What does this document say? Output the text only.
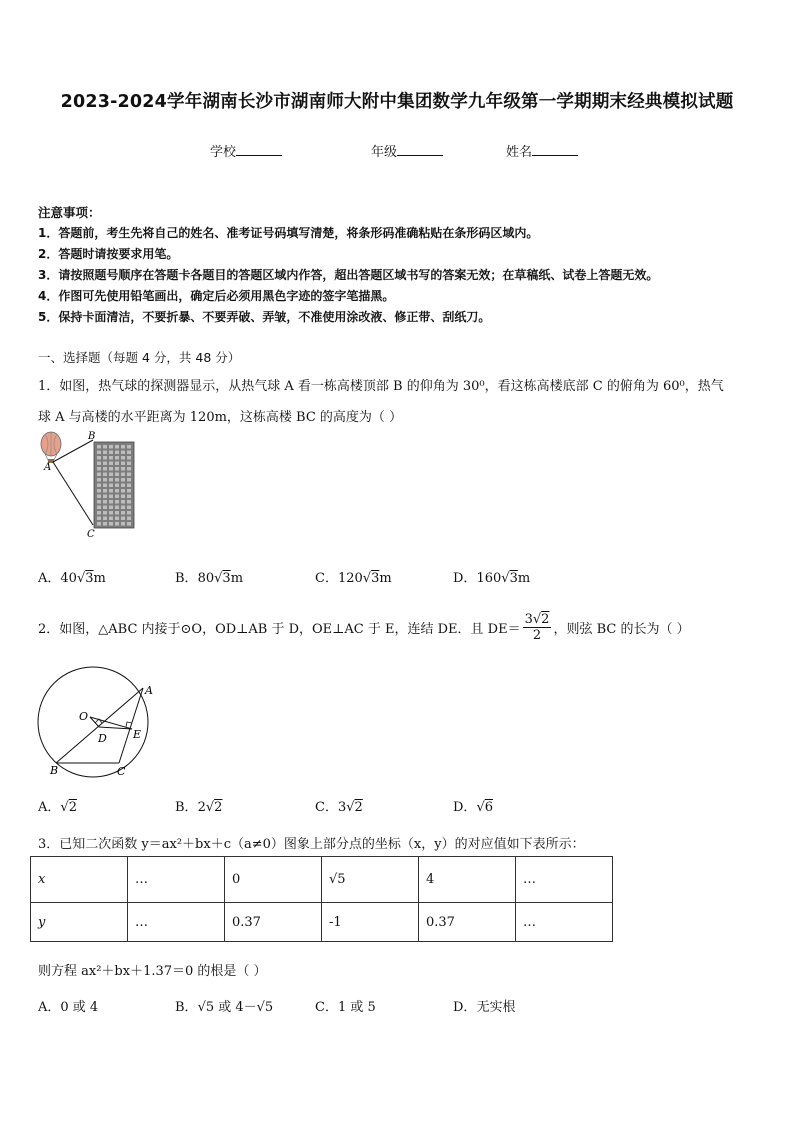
2023-2024学年湖南长沙市湖南师大附中集团数学九年级第一学期期末经典模拟试题
学校	年级	姓名
注意事项：
1．答题前，考生先将自己的姓名、准考证号码填写清楚，将条形码准确粘贴在条形码区域内。
2．答题时请按要求用笔。
3．请按照题号顺序在答题卡各题目的答题区域内作答，超出答题区域书写的答案无效；在草稿纸、试卷上答题无效。
4．作图可先使用铅笔画出，确定后必须用黑色字迹的签字笔描黑。
5．保持卡面清洁，不要折暴、不要弄破、弄皱，不准使用涂改液、修正带、刮纸刀。
一、选择题（每题 4 分，共 48 分）
1．如图，热气球的探测器显示，从热气球 A 看一栋高楼顶部 B 的仰角为 30⁰，看这栋高楼底部 C 的俯角为 60⁰，热气
球 A 与高楼的水平距离为 120m，这栋高楼 BC 的高度为（ ）
A
B
C
A．40√3m	B．80√3m	C．120√3m	D．160√3m
2．如图，△ABC 内接于⊙O，OD⊥AB 于 D，OE⊥AC 于 E，连结 DE．且 $DE= \frac{3√2}{2}$ ，则弦 BC 的长为（ ）
O
A
B	C
D E
A．√2	B．2√2	C．3√2	D．√6
3．已知二次函数 y＝ax²＋bx＋c（a≠0）图象上部分点的坐标（x，y）的对应值如下表所示：
x	…	0	√5	4	…
y	…	0.37	-1	0.37	…
则方程 ax²＋bx＋1.37＝0 的根是（ ）
A．0 或 4	B．√5 或 4－√5	C．1 或 5	D．无实根
